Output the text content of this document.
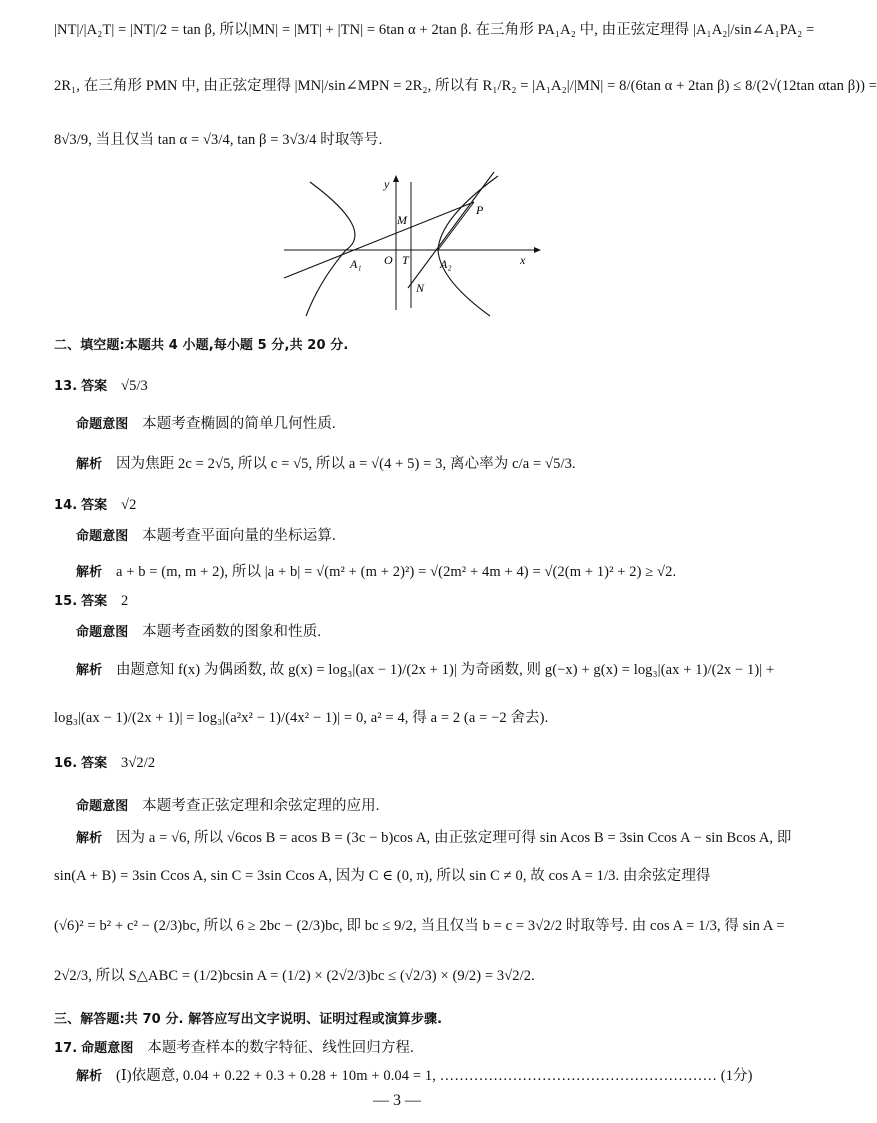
|NT|/|A₂T| = |NT|/2 = tan β, 所以|MN| = |MT| + |TN| = 6tan α + 2tan β. 在三角形 PA₁A₂ 中, 由正弦定理得 |A₁A₂|/sin∠A₁PA₂ =
2R₁, 在三角形 PMN 中, 由正弦定理得 |MN|/sin∠MPN = 2R₂, 所以有 R₁/R₂ = |A₁A₂|/|MN| = 8/(6tan α + 2tan β) ≤ 8/(2√(12tan αtan β)) =
8√3/9, 当且仅当 tan α = √3/4, tan β = 3√3/4 时取等号.
y
x
M
P
O T
A₁	A₂
N
二、填空题:本题共 4 小题,每小题 5 分,共 20 分.
13. 答案 √5/3
命题意图 本题考查椭圆的简单几何性质.
解析 因为焦距 2c = 2√5, 所以 c = √5, 所以 a = √(4 + 5) = 3, 离心率为 c/a = √5/3.
14. 答案 √2
命题意图 本题考查平面向量的坐标运算.
解析 a + b = (m, m + 2), 所以 |a + b| = √(m² + (m + 2)²) = √(2m² + 4m + 4) = √(2(m + 1)² + 2) ≥ √2.
15. 答案 2
命题意图 本题考查函数的图象和性质.
解析 由题意知 f(x) 为偶函数, 故 g(x) = log₃|(ax − 1)/(2x + 1)| 为奇函数, 则 g(−x) + g(x) = log₃|(ax + 1)/(2x − 1)| +
log₃|(ax − 1)/(2x + 1)| = log₃|(a²x² − 1)/(4x² − 1)| = 0, a² = 4, 得 a = 2 (a = −2 舍去).
16. 答案 3√2/2
命题意图 本题考查正弦定理和余弦定理的应用.
解析 因为 a = √6, 所以 √6cos B = acos B = (3c − b)cos A, 由正弦定理可得 sin Acos B = 3sin Ccos A − sin Bcos A, 即
sin(A + B) = 3sin Ccos A, sin C = 3sin Ccos A, 因为 C ∈ (0, π), 所以 sin C ≠ 0, 故 cos A = 1/3. 由余弦定理得
(√6)² = b² + c² − (2/3)bc, 所以 6 ≥ 2bc − (2/3)bc, 即 bc ≤ 9/2, 当且仅当 b = c = 3√2/2 时取等号. 由 cos A = 1/3, 得 sin A =
2√2/3, 所以 S△ABC = (1/2)bcsin A = (1/2) × (2√2/3)bc ≤ (√2/3) × (9/2) = 3√2/2.
三、解答题:共 70 分. 解答应写出文字说明、证明过程或演算步骤.
17. 命题意图 本题考查样本的数字特征、线性回归方程.
解析 (Ⅰ)依题意, 0.04 + 0.22 + 0.3 + 0.28 + 10m + 0.04 = 1, ………………………………………………… (1分)
— 3 —
